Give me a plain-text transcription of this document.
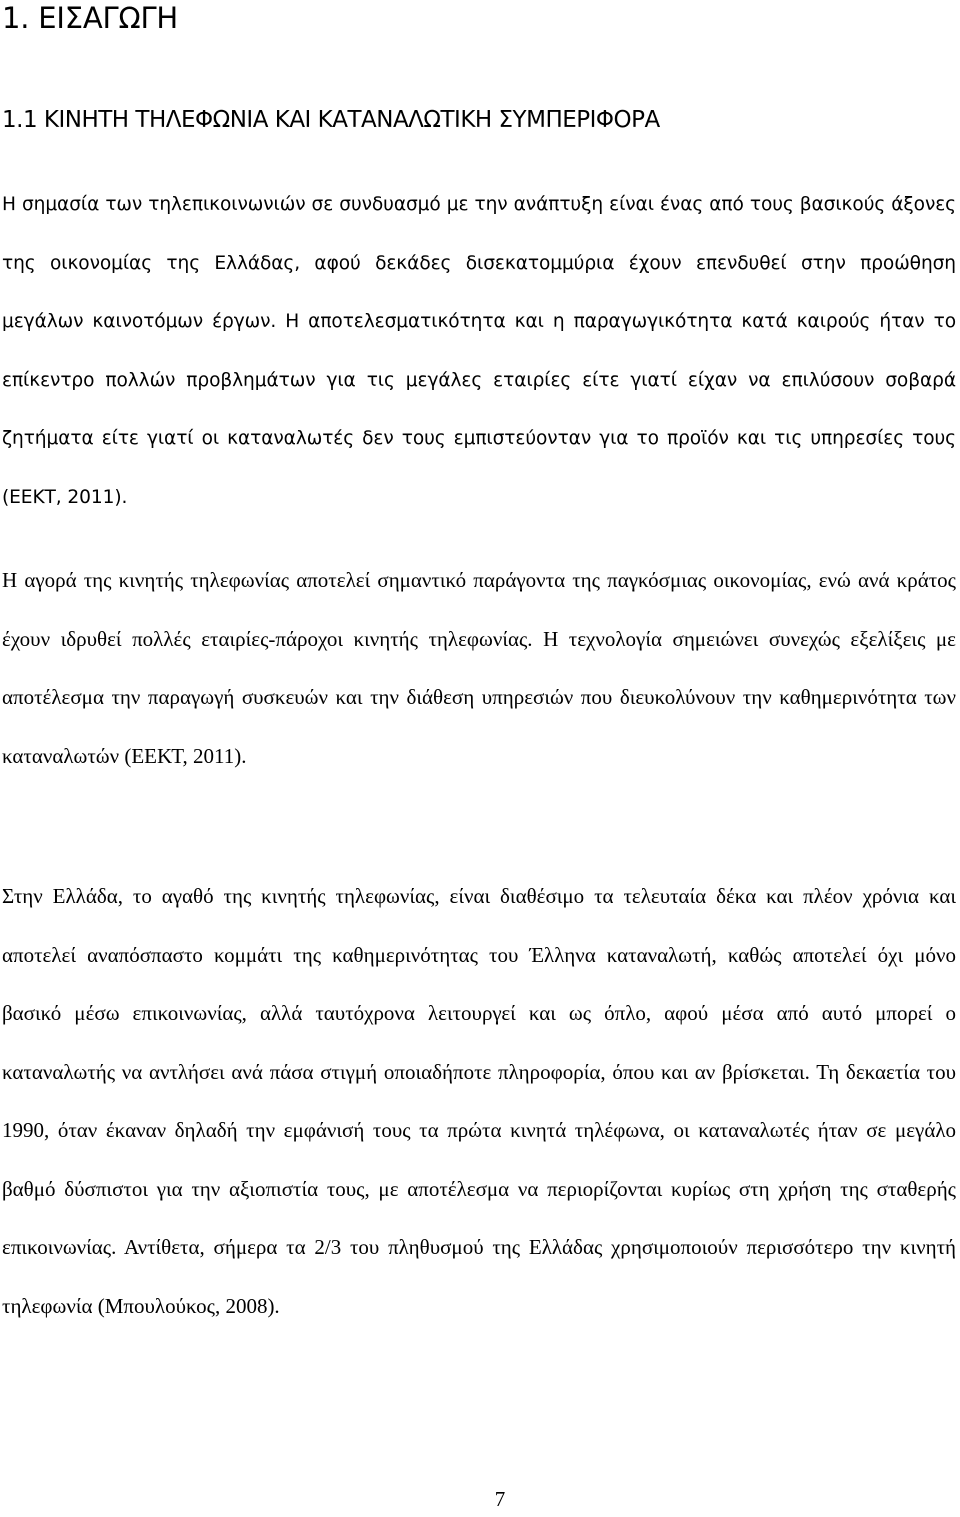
1. ΕΙΣΑΓΩΓΗ
1.1 ΚΙΝΗΤΗ ΤΗΛΕΦΩΝΙΑ ΚΑΙ ΚΑΤΑΝΑΛΩΤΙΚΗ ΣΥΜΠΕΡΙΦΟΡΑ

Η σημασία των τηλεπικοινωνιών σε συνδυασμό με την ανάπτυξη είναι ένας από τους βασικούς άξονες της οικονομίας της Ελλάδας, αφού δεκάδες δισεκατομμύρια έχουν επενδυθεί στην προώθηση μεγάλων καινοτόμων έργων. Η αποτελεσματικότητα και η παραγωγικότητα κατά καιρούς ήταν το επίκεντρο πολλών προβλημάτων για τις μεγάλες εταιρίες είτε γιατί είχαν να επιλύσουν σοβαρά ζητήματα είτε γιατί οι καταναλωτές δεν τους εμπιστεύονταν για το προϊόν και τις υπηρεσίες τους (ΕΕΚΤ, 2011).

Η αγορά της κινητής τηλεφωνίας αποτελεί σημαντικό παράγοντα της παγκόσμιας οικονομίας, ενώ ανά κράτος έχουν ιδρυθεί πολλές εταιρίες-πάροχοι κινητής τηλεφωνίας. Η τεχνολογία σημειώνει συνεχώς εξελίξεις με αποτέλεσμα την παραγωγή συσκευών και την διάθεση υπηρεσιών που διευκολύνουν την καθημερινότητα των καταναλωτών (ΕΕΚΤ, 2011).

Στην Ελλάδα, το αγαθό της κινητής τηλεφωνίας, είναι διαθέσιμο τα τελευταία δέκα και πλέον χρόνια και αποτελεί αναπόσπαστο κομμάτι της καθημερινότητας του Έλληνα καταναλωτή, καθώς αποτελεί όχι μόνο βασικό μέσω επικοινωνίας, αλλά ταυτόχρονα λειτουργεί και ως όπλο, αφού μέσα από αυτό μπορεί ο καταναλωτής να αντλήσει ανά πάσα στιγμή οποιαδήποτε πληροφορία, όπου και αν βρίσκεται. Τη δεκαετία του 1990, όταν έκαναν δηλαδή την εμφάνισή τους τα πρώτα κινητά τηλέφωνα, οι καταναλωτές ήταν σε μεγάλο βαθμό δύσπιστοι για την αξιοπιστία τους, με αποτέλεσμα να περιορίζονται κυρίως στη χρήση της σταθερής επικοινωνίας. Αντίθετα, σήμερα τα 2/3 του πληθυσμού της Ελλάδας χρησιμοποιούν περισσότερο την κινητή τηλεφωνία (Μπουλούκος, 2008).

7
